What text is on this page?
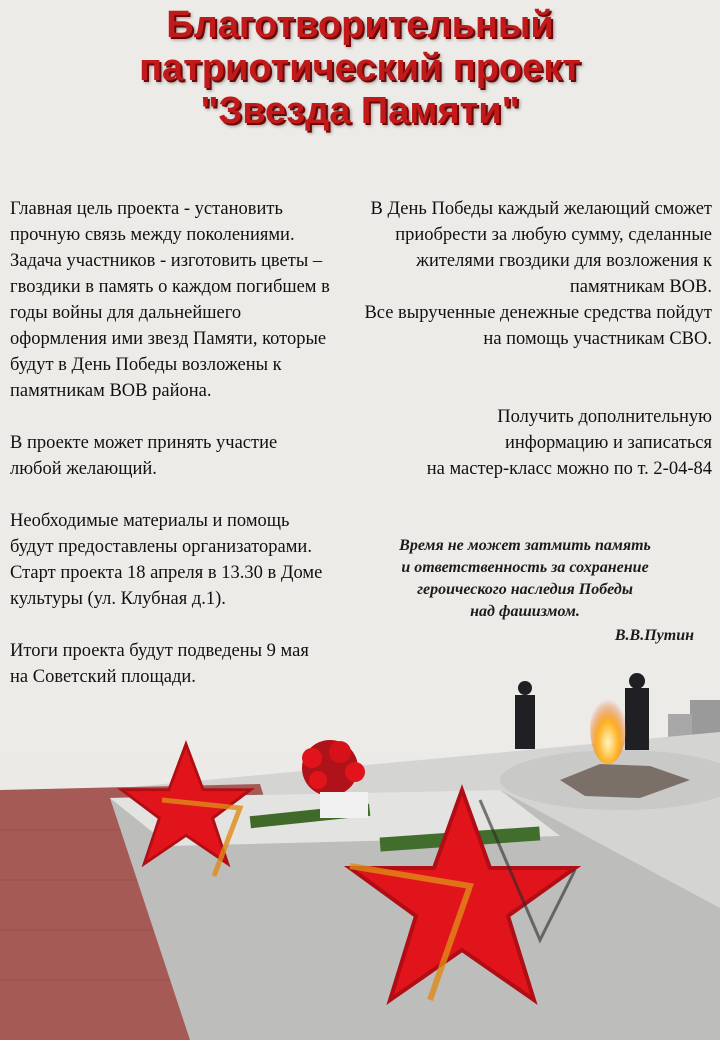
Благотворительный
патриотический проект
"Звезда Памяти"

Главная цель проекта - установить прочную связь между поколениями. Задача участников - изготовить цветы – гвоздики в память о каждом погибшем в годы войны для дальнейшего оформления ими звезд Памяти, которые будут в День Победы возложены к памятникам ВОВ района.

В проекте может принять участие любой желающий.

Необходимые материалы и помощь будут предоставлены организаторами.

Старт проекта 18 апреля в 13.30 в Доме культуры (ул. Клубная д.1).

Итоги проекта будут подведены 9 мая на Советский площади.

В День Победы каждый желающий сможет приобрести за любую сумму, сделанные жителями гвоздики для возложения к памятникам ВОВ.

Все вырученные денежные средства пойдут на помощь участникам СВО.

Получить дополнительную
информацию и записаться
на мастер-класс можно по т. 2-04-84

Время не может затмить память
и ответственность за сохранение
героического наследия Победы
над фашизмом.
В.В.Путин
